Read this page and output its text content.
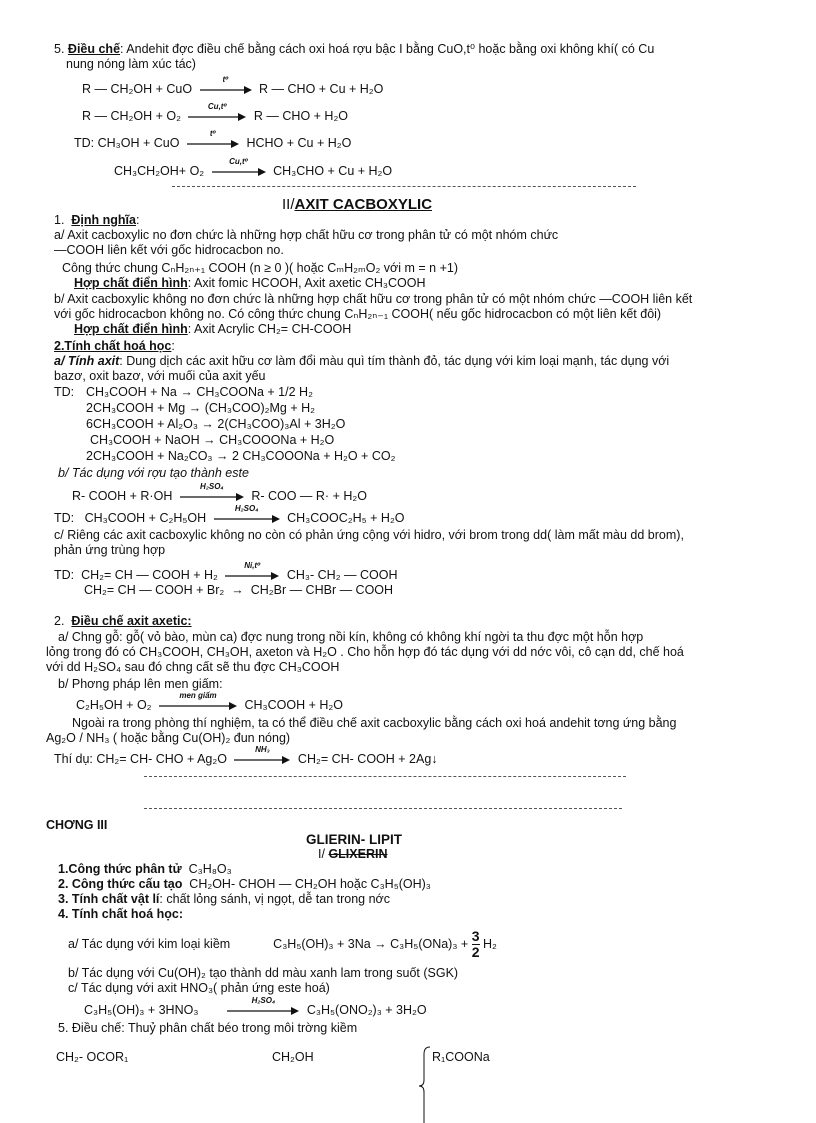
5. Điều chế: Andehit đợc điều chế bằng cách oxi hoá rợu bậc I bằng CuO,t⁰ hoặc bằng oxi không khí( có Cu
nung nóng làm xúc tác)
R — CH₂OH + CuO
t⁰
R — CHO + Cu + H₂O
R — CH₂OH + O₂
Cu,t⁰
R — CHO + H₂O
TD: CH₃OH + CuO
t⁰
HCHO + Cu + H₂O
CH₃CH₂OH+ O₂
Cu,t⁰
CH₃CHO + Cu + H₂O
II/AXIT CACBOXYLIC
1. Định nghĩa:
a/ Axit cacboxylic no đơn chức là những hợp chất hữu cơ trong phân tử có một nhóm chức
—COOH liên kết với gốc hidrocacbon no.
Công thức chung CₙH₂ₙ₊₁ COOH (n ≥ 0 )( hoặc CₘH₂ₘO₂ với m = n +1)
Hợp chất điển hình: Axit fomic HCOOH, Axit axetic CH₃COOH
b/ Axit cacboxylic không no đơn chức là những hợp chất hữu cơ trong phân tử có một nhóm chức —COOH liên kết
với gốc hidrocacbon không no. Có công thức chung CₙH₂ₙ₋₁ COOH( nếu gốc hidrocacbon có một liên kết đôi)
Hợp chất điển hình: Axit Acrylic CH₂= CH-COOH
2.Tính chất hoá học:
a/ Tính axit: Dung dịch các axit hữu cơ làm đổi màu quì tím thành đỏ, tác dụng với kim loại mạnh, tác dụng với
bazơ, oxit bazơ, với muối của axit yếu
TD: CH₃COOH + Na → CH₃COONa + 1/2 H₂
2CH₃COOH + Mg → (CH₃COO)₂Mg + H₂
6CH₃COOH + Al₂O₃ → 2(CH₃COO)₃Al + 3H₂O
CH₃COOH + NaOH → CH₃COOONa + H₂O
2CH₃COOH + Na₂CO₃ → 2 CH₃COOONa + H₂O + CO₂
b/ Tác dụng với rợu tạo thành este
R- COOH + R·OH
H₂SO₄
R- COO — R· + H₂O
TD: CH₃COOH + C₂H₅OH
H₂SO₄
CH₃COOC₂H₅ + H₂O
c/ Riêng các axit cacboxylic không no còn có phản ứng cộng với hidro, với brom trong dd( làm mất màu dd brom),
phản ứng trùng hợp
TD:  CH₂= CH — COOH + H₂
Ni,t⁰
CH₃- CH₂ — COOH
CH₂= CH — COOH + Br₂  →  CH₂Br — CHBr — COOH
2. Điều chế axit axetic:
a/ Chng gỗ: gỗ( vỏ bào, mùn ca) đợc nung trong nồi kín, không có không khí ngời ta thu đợc một hỗn hợp
lỏng trong đó có CH₃COOH, CH₃OH, axeton và H₂O . Cho hỗn hợp đó tác dụng với dd nớc vôi, cô cạn dd, chế hoá
với dd H₂SO₄ sau đó chng cất sẽ thu đợc CH₃COOH
b/ Phơng pháp lên men giấm:
C₂H₅OH + O₂
men giấm
CH₃COOH + H₂O
Ngoài ra trong phòng thí nghiệm, ta có thể điều chế axit cacboxylic bằng cách oxi hoá andehit tơng ứng bằng
Ag₂O / NH₃ ( hoặc bằng Cu(OH)₂ đun nóng)
Thí dụ: CH₂= CH- CHO + Ag₂O
NH₃
CH₂= CH- COOH + 2Ag↓
CHƠNG III
GLIERIN- LIPIT
I/ GLIXERIN
1.Công thức phân tử C₃H₈O₃
2. Công thức cấu tạo CH₂OH- CHOH — CH₂OH hoặc C₃H₅(OH)₃
3. Tính chất vật lí: chất lỏng sánh, vị ngọt, dễ tan trong nớc
4. Tính chất hoá học:
a/ Tác dụng với kim loại kiềm	$C_3H_5(OH)_3 + 3Na \to C_3H_5(ONa)_3 + \frac{3}{2} H_2$
b/ Tác dụng với Cu(OH)₂ tạo thành dd màu xanh lam trong suốt (SGK)
c/ Tác dụng với axit HNO₃( phản ứng este hoá)
C₃H₅(OH)₃ + 3HNO₃
H₂SO₄
C₃H₅(ONO₂)₃ + 3H₂O
5. Điều chế: Thuỷ phân chất béo trong môi trờng kiềm
CH₂- OCOR₁	CH₂OH	R₁COONa
